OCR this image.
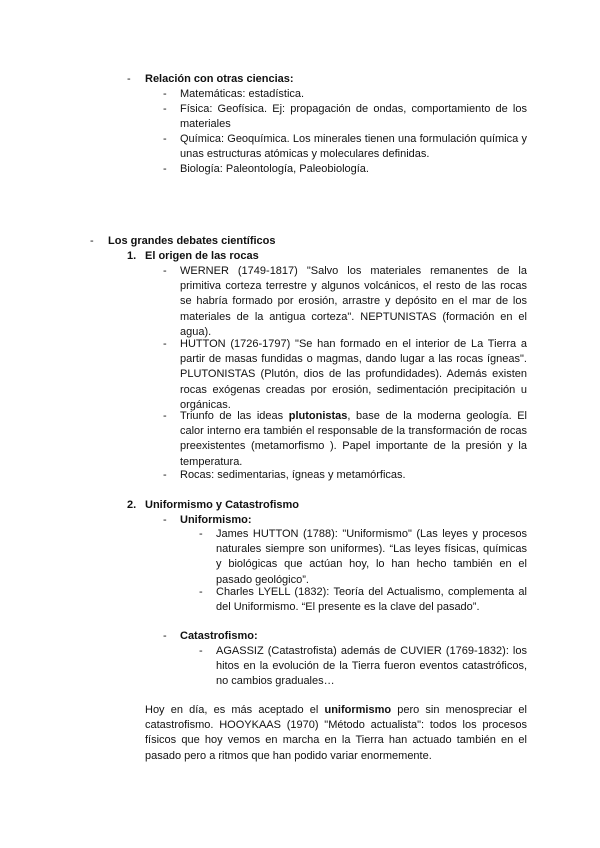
- Relación con otras ciencias:
- Matemáticas: estadística.
- Física: Geofísica. Ej: propagación de ondas, comportamiento de los materiales
- Química: Geoquímica. Los minerales tienen una formulación química y unas estructuras atómicas y moleculares definidas.
- Biología: Paleontología, Paleobiología.
- Los grandes debates científicos
1. El origen de las rocas
- WERNER (1749-1817) "Salvo los materiales remanentes de la primitiva corteza terrestre y algunos volcánicos, el resto de las rocas se habría formado por erosión, arrastre y depósito en el mar de los materiales de la antigua corteza". NEPTUNISTAS (formación en el agua).
- HUTTON (1726-1797) "Se han formado en el interior de La Tierra a partir de masas fundidas o magmas, dando lugar a las rocas ígneas". PLUTONISTAS (Plutón, dios de las profundidades). Además existen rocas exógenas creadas por erosión, sedimentación precipitación u orgánicas.
- Triunfo de las ideas plutonistas, base de la moderna geología. El calor interno era también el responsable de la transformación de rocas preexistentes (metamorfismo ). Papel importante de la presión y la temperatura.
- Rocas: sedimentarias, ígneas y metamórficas.
2. Uniformismo y Catastrofismo
- Uniformismo:
- James HUTTON (1788): "Uniformismo" (Las leyes y procesos naturales siempre son uniformes). “Las leyes físicas, químicas y biológicas que actúan hoy, lo han hecho también en el pasado geológico”.
- Charles LYELL (1832): Teoría del Actualismo, complementa al del Uniformismo. “El presente es la clave del pasado”.
- Catastrofismo:
- AGASSIZ (Catastrofista) además de CUVIER (1769-1832): los hitos en la evolución de la Tierra fueron eventos catastróficos, no cambios graduales…
Hoy en día, es más aceptado el uniformismo pero sin menospreciar el catastrofismo. HOOYKAAS (1970) "Método actualista": todos los procesos físicos que hoy vemos en marcha en la Tierra han actuado también en el pasado pero a ritmos que han podido variar enormemente.
